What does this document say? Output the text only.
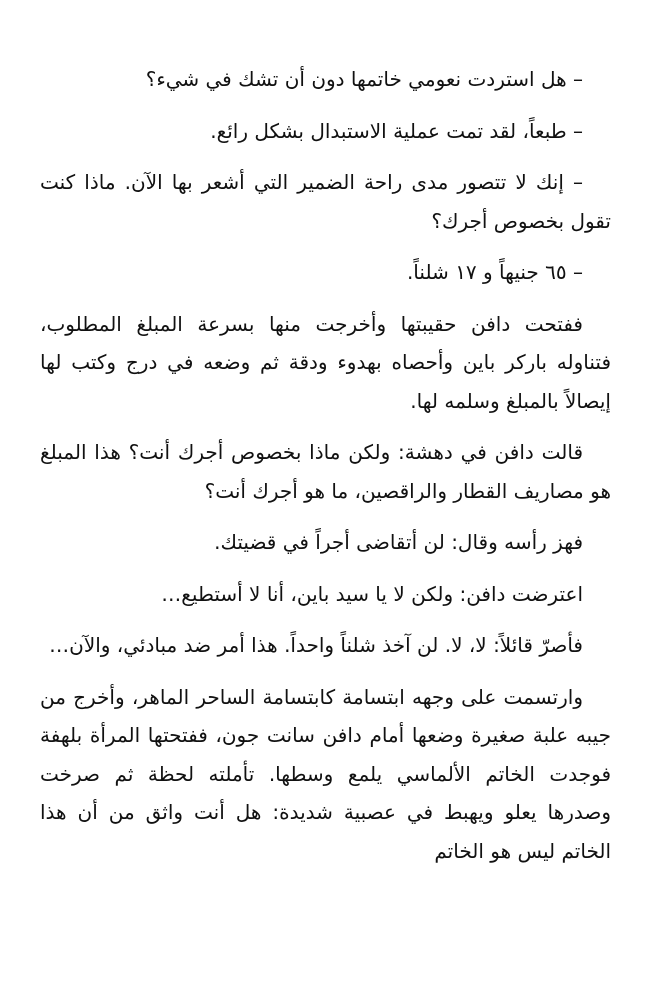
– هل استردت نعومي خاتمها دون أن تشك في شيء؟

– طبعاً، لقد تمت عملية الاستبدال بشكل رائع.

– إنك لا تتصور مدى راحة الضمير التي أشعر بها الآن. ماذا كنت تقول بخصوص أجرك؟

– ٦٥ جنيهاً و ١٧ شلناً.

ففتحت دافن حقيبتها وأخرجت منها بسرعة المبلغ المطلوب، فتناوله باركر باين وأحصاه بهدوء ودقة ثم وضعه في درج وكتب لها إيصالاً بالمبلغ وسلمه لها.

قالت دافن في دهشة: ولكن ماذا بخصوص أجرك أنت؟ هذا المبلغ هو مصاريف القطار والراقصين، ما هو أجرك أنت؟

فهز رأسه وقال: لن أتقاضى أجراً في قضيتك.

اعترضت دافن: ولكن لا يا سيد باين، أنا لا أستطيع…

فأصرّ قائلاً: لا، لا. لن آخذ شلناً واحداً. هذا أمر ضد مبادئي، والآن…

وارتسمت على وجهه ابتسامة كابتسامة الساحر الماهر، وأخرج من جيبه علبة صغيرة وضعها أمام دافن سانت جون، ففتحتها المرأة بلهفة فوجدت الخاتم الألماسي يلمع وسطها. تأملته لحظة ثم صرخت وصدرها يعلو ويهبط في عصبية شديدة: هل أنت واثق من أن هذا الخاتم ليس هو الخاتم
